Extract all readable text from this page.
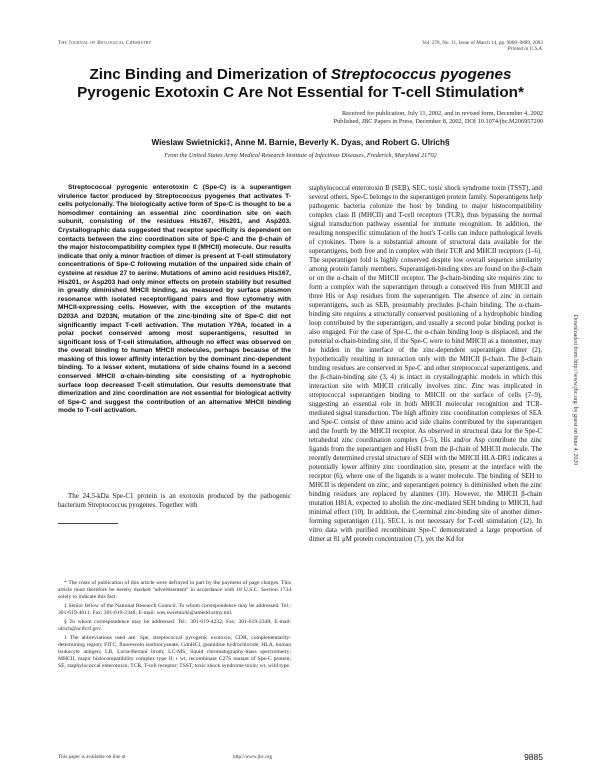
The Journal of Biological Chemistry	Vol. 278, No. 11, Issue of March 14, pp. 9880–9889, 2003
Printed in U.S.A.
Zinc Binding and Dimerization of Streptococcus pyogenes Pyrogenic Exotoxin C Are Not Essential for T-cell Stimulation*
Received for publication, July 11, 2002, and in revised form, December 4, 2002
Published, JBC Papers in Press, December 8, 2002, DOI 10.1074/jbc.M206957200
Wieslaw Swietnicki‡, Anne M. Barnie, Beverly K. Dyas, and Robert G. Ulrich§
From the United States Army Medical Research Institute of Infectious Diseases, Frederick, Maryland 21702

Streptococcal pyrogenic enterotoxin C (Spe-C) is a superantigen virulence factor produced by Streptococcus pyogenes that activates T-cells polyclonally. The biologically active form of Spe-C is thought to be a homodimer containing an essential zinc coordination site on each subunit, consisting of the residues His167, His201, and Asp203. Crystallographic data suggested that receptor specificity is dependent on contacts between the zinc coordination site of Spe-C and the β-chain of the major histocompatibility complex type II (MHCII) molecule. Our results indicate that only a minor fraction of dimer is present at T-cell stimulatory concentrations of Spe-C following mutation of the unpaired side chain of cysteine at residue 27 to serine. Mutations of amino acid residues His167, His201, or Asp203 had only minor effects on protein stability but resulted in greatly diminished MHCII binding, as measured by surface plasmon resonance with isolated receptor/ligand pairs and flow cytometry with MHCII-expressing cells. However, with the exception of the mutants D203A and D203N, mutation of the zinc-binding site of Spe-C did not significantly impact T-cell activation. The mutation Y76A, located in a polar pocket conserved among most superantigens, resulted in significant loss of T-cell stimulation, although no effect was observed on the overall binding to human MHCII molecules, perhaps because of the masking of this lower affinity interaction by the dominant zinc-dependent binding. To a lesser extent, mutations of side chains found in a second conserved MHCII α-chain-binding site consisting of a hydrophobic surface loop decreased T-cell stimulation. Our results demonstrate that dimerization and zinc coordination are not essential for biological activity of Spe-C and suggest the contribution of an alternative MHCII binding mode to T-cell activation.

The 24.5-kDa Spe-C1 protein is an exotoxin produced by the pathogenic bacterium Streptococcus pyogenes. Together with

* The costs of publication of this article were defrayed in part by the payment of page charges. This article must therefore be hereby marked "advertisement" in accordance with 18 U.S.C. Section 1734 solely to indicate this fact.

‡ Senior fellow of the National Research Council. To whom correspondence may be addressed. Tel.: 301-619-4811; Fax: 301-619-2348; E-mail: wes.swietnicki@amedd.army.mil.

§ To whom correspondence may be addressed. Tel.: 301-619-4232; Fax: 301-619-2348; E-mail: ulrich@ncifcrf.gov.

1 The abbreviations used are: Spe, streptococcal pyrogenic exotoxin; CDR, complementarity-determining region; FITC, fluorescein isothiocyanate; GdnHCl, guanidine hydrochloride; HLA, human leukocyte antigen; LB, Luria-Bertani broth; LC-MS, liquid chromatography-mass spectrometry; MHCII, major histocompatibility complex type II; r wt, recombinant C27S mutant of Spe-C protein; SE, staphylococcal enterotoxin; TCR, T-cell receptor; TSST, toxic shock syndrome toxin; wt, wild type.

staphylococcal enterotoxin B (SEB), SEC, toxic shock syndrome toxin (TSST), and several others, Spe-C belongs to the superantigen protein family. Superantigens help pathogenic bacteria colonize the host by binding to major histocompatibility complex class II (MHCII) and T-cell receptors (TCR), thus bypassing the normal signal transduction pathway essential for immune recognition. In addition, the resulting nonspecific stimulation of the host's T-cells can induce pathological levels of cytokines. There is a substantial amount of structural data available for the superantigens, both free and in complex with their TCR and MHCII receptors (1–6). The superantigen fold is highly conserved despite low overall sequence similarity among protein family members. Superantigen-binding sites are found on the β-chain or on the α-chain of the MHCII receptor. The β-chain-binding site requires zinc to form a complex with the superantigen through a conserved His from MHCII and three His or Asp residues from the superantigen. The absence of zinc in certain superantigens, such as SEB, presumably precludes β-chain binding. The α-chain-binding site requires a structurally conserved positioning of a hydrophobic binding loop contributed by the superantigen, and usually a second polar binding pocket is also engaged. For the case of Spe-C, the α-chain binding loop is displaced, and the potential α-chain-binding site, if the Spe-C were to bind MHCII as a monomer, may be hidden in the interface of the zinc-dependent superantigen dimer (2), hypothetically resulting in interaction only with the MHCII β-chain. The β-chain binding residues are conserved in Spe-C and other streptococcal superantigens, and the β-chain-binding site (3, 4) is intact in crystallographic models in which this interaction site with MHCII critically involves zinc. Zinc was implicated in streptococcal superantigen binding to MHCII on the surface of cells (7–9), suggesting an essential role in both MHCII molecular recognition and TCR-mediated signal transduction. The high affinity zinc coordination complexes of SEA and Spe-C consist of three amino acid side chains contributed by the superantigen and the fourth by the MHCII receptor. As observed in structural data for the Spe-C tetrahedral zinc coordination complex (3–5), His and/or Asp contribute the zinc ligands from the superantigen and His81 from the β-chain of MHCII molecule. The recently determined crystal structure of SEH with the MHCII HLA-DR1 indicates a potentially lower affinity zinc coordination site, present at the interface with the receptor (6), where one of the ligands is a water molecule. The binding of SEH to MHCII is dependent on zinc, and superantigen potency is diminished when the zinc binding residues are replaced by alanines (10). However, the MHCII β-chain mutation H81A, expected to abolish the zinc-mediated SEH binding to MHCII, had minimal effect (10). In addition, the C-terminal zinc-binding site of another dimer-forming superantigen (11), SEC1, is not necessary for T-cell stimulation (12). In vitro data with purified recombinant Spe-C demonstrated a large proportion of dimer at 81 μM protein concentration (7), yet the Kd for

Downloaded from http://www.jbc.org/ by guest on June 4, 2020
This paper is available on line at	http://www.jbc.org	9885
